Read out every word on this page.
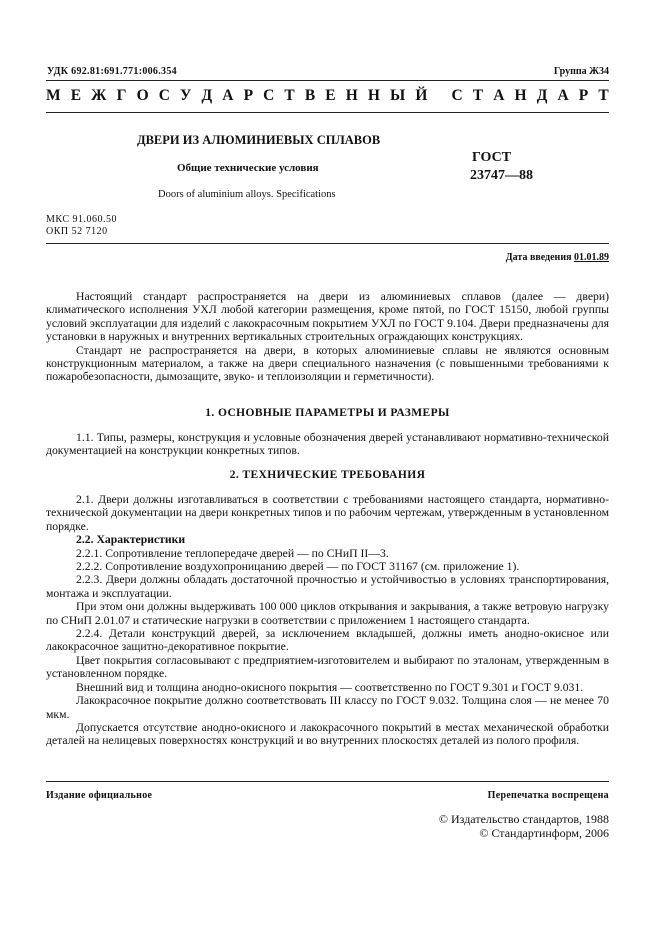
УДК 692.81:691.771:006.354	Группа Ж34
М Е Ж Г О С У Д А Р С Т В Е Н Н Ы Й
С Т А Н Д А Р Т
ДВЕРИ ИЗ АЛЮМИНИЕВЫХ СПЛАВОВ
Общие технические условия
Doors of aluminium alloys. Specifications
ГОСТ
23747—88
МКС 91.060.50
ОКП 52 7120
Дата введения 01.01.89

Настоящий стандарт распространяется на двери из алюминиевых сплавов (далее — двери) климатического исполнения УХЛ любой категории размещения, кроме пятой, по ГОСТ 15150, любой группы условий эксплуатации для изделий с лакокрасочным покрытием УХЛ по ГОСТ 9.104. Двери предназначены для установки в наружных и внутренних вертикальных строительных ограждающих конструкциях.

Стандарт не распространяется на двери, в которых алюминиевые сплавы не являются основным конструкционным материалом, а также на двери специального назначения (с повышенными требованиями к пожаробезопасности, дымозащите, звуко- и теплоизоляции и герметичности).

1. ОСНОВНЫЕ ПАРАМЕТРЫ И РАЗМЕРЫ

1.1. Типы, размеры, конструкция и условные обозначения дверей устанавливают нормативно-технической документацией на конструкции конкретных типов.

2. ТЕХНИЧЕСКИЕ ТРЕБОВАНИЯ

2.1. Двери должны изготавливаться в соответствии с требованиями настоящего стандарта, нормативно-технической документации на двери конкретных типов и по рабочим чертежам, утвержденным в установленном порядке.

2.2. Характеристики

2.2.1. Сопротивление теплопередаче дверей — по СНиП II—3.

2.2.2. Сопротивление воздухопроницанию дверей — по ГОСТ 31167 (см. приложение 1).

2.2.3. Двери должны обладать достаточной прочностью и устойчивостью в условиях транспортирования, монтажа и эксплуатации.

При этом они должны выдерживать 100 000 циклов открывания и закрывания, а также ветровую нагрузку по СНиП 2.01.07 и статические нагрузки в соответствии с приложением 1 настоящего стандарта.

2.2.4. Детали конструкций дверей, за исключением вкладышей, должны иметь анодно-окисное или лакокрасочное защитно-декоративное покрытие.

Цвет покрытия согласовывают с предприятием-изготовителем и выбирают по эталонам, утвержденным в установленном порядке.

Внешний вид и толщина анодно-окисного покрытия — соответственно по ГОСТ 9.301 и ГОСТ 9.031.

Лакокрасочное покрытие должно соответствовать III классу по ГОСТ 9.032. Толщина слоя — не менее 70 мкм.

Допускается отсутствие анодно-окисного и лакокрасочного покрытий в местах механической обработки деталей на нелицевых поверхностях конструкций и во внутренних плоскостях деталей из полого профиля.

Издание официальное	Перепечатка воспрещена
© Издательство стандартов, 1988
© Стандартинформ, 2006
